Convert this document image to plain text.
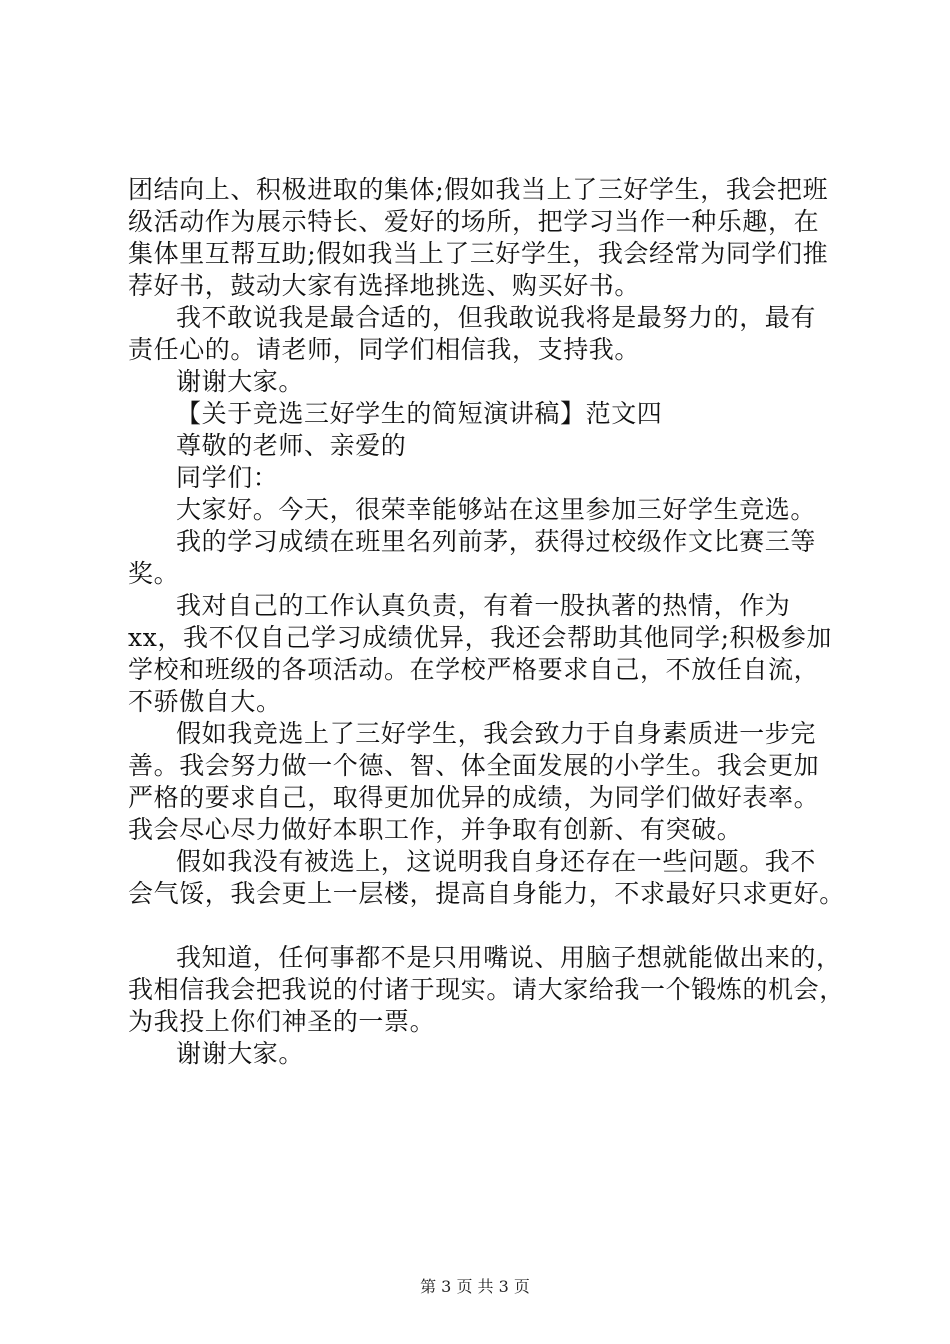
团结向上、积极进取的集体;假如我当上了三好学生，我会把班
级活动作为展示特长、爱好的场所，把学习当作一种乐趣，在
集体里互帮互助;假如我当上了三好学生，我会经常为同学们推
荐好书，鼓动大家有选择地挑选、购买好书。
我不敢说我是最合适的，但我敢说我将是最努力的，最有
责任心的。请老师，同学们相信我，支持我。
谢谢大家。
【关于竞选三好学生的简短演讲稿】范文四
尊敬的老师、亲爱的
同学们：
大家好。今天，很荣幸能够站在这里参加三好学生竞选。
我的学习成绩在班里名列前茅，获得过校级作文比赛三等
奖。
我对自己的工作认真负责，有着一股执著的热情，作为
xx，我不仅自己学习成绩优异，我还会帮助其他同学;积极参加
学校和班级的各项活动。在学校严格要求自己，不放任自流，
不骄傲自大。
假如我竞选上了三好学生，我会致力于自身素质进一步完
善。我会努力做一个德、智、体全面发展的小学生。我会更加
严格的要求自己，取得更加优异的成绩，为同学们做好表率。
我会尽心尽力做好本职工作，并争取有创新、有突破。
假如我没有被选上，这说明我自身还存在一些问题。我不
会气馁，我会更上一层楼，提高自身能力，不求最好只求更好。
我知道，任何事都不是只用嘴说、用脑子想就能做出来的，
我相信我会把我说的付诸于现实。请大家给我一个锻炼的机会，
为我投上你们神圣的一票。
谢谢大家。
第 3 页 共 3 页
